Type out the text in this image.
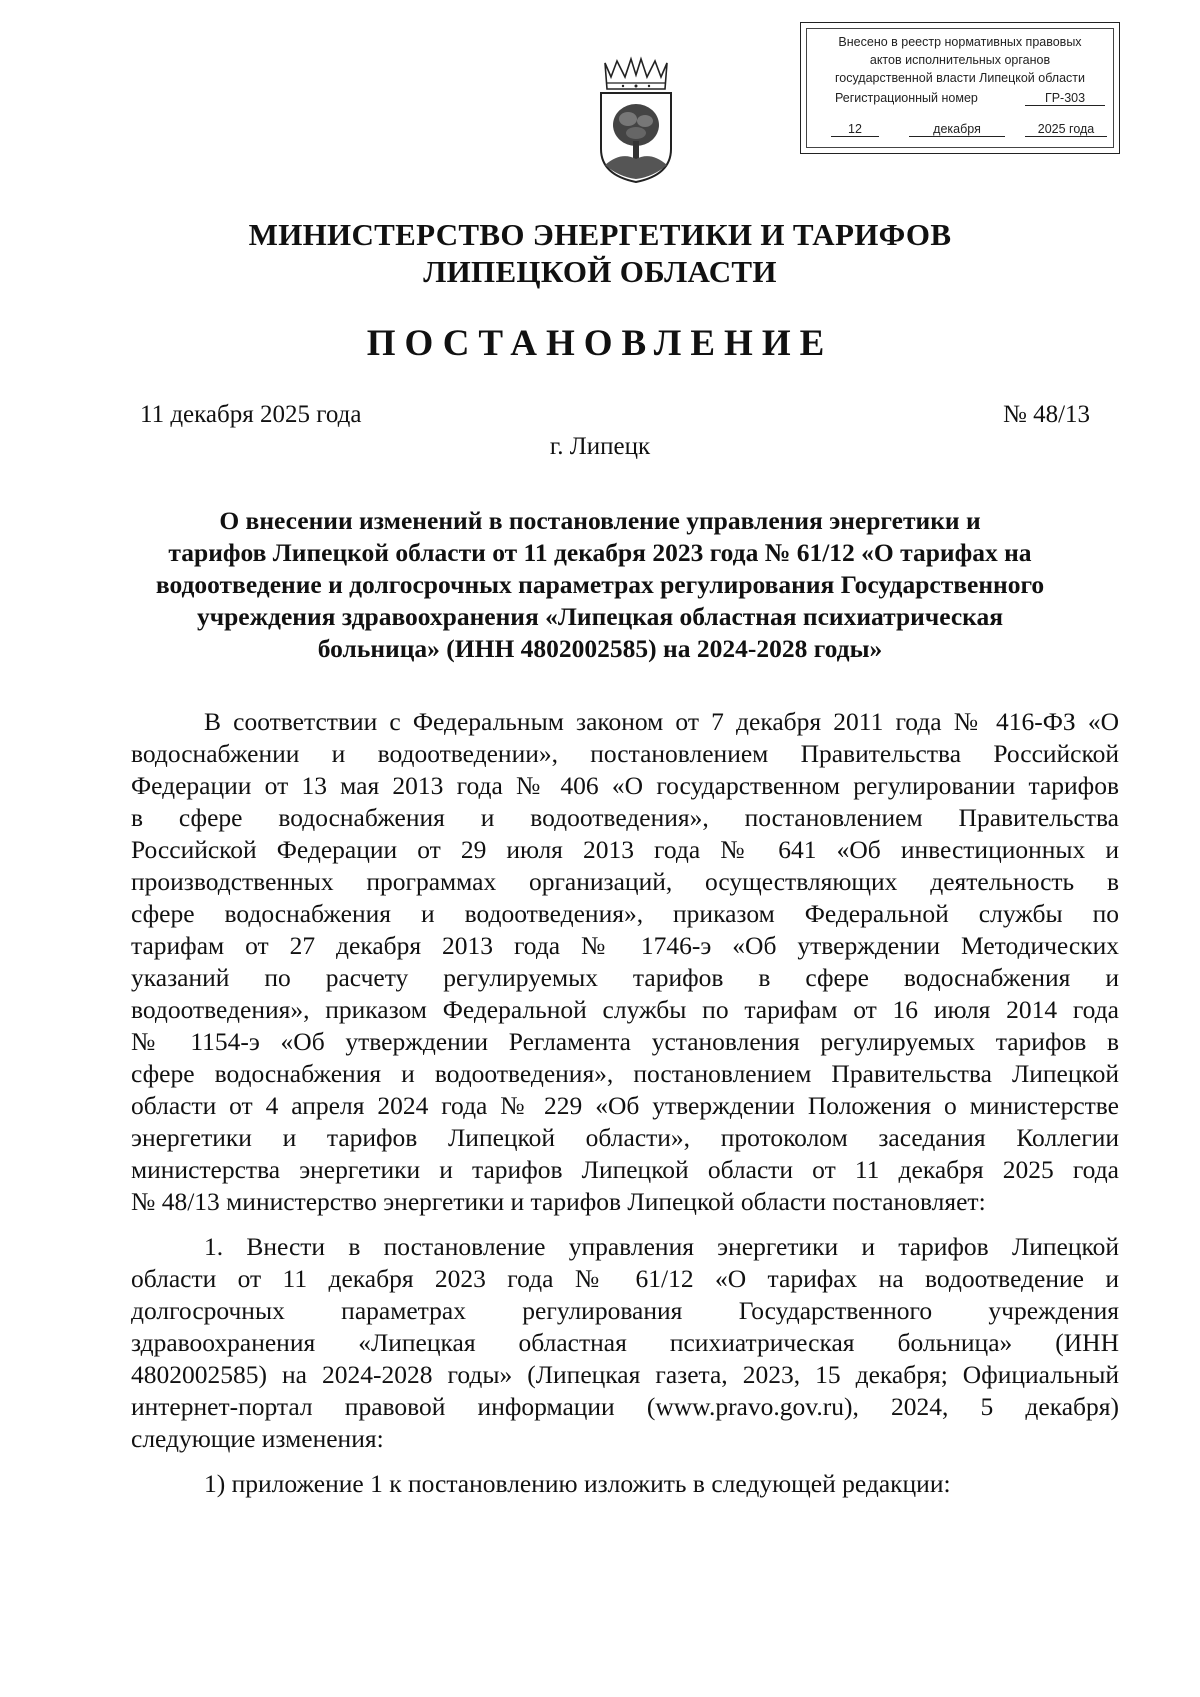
Внесено в реестр нормативных правовых
актов исполнительных органов
государственной власти Липецкой области
Регистрационный номер	ГР-303
12	декабря	2025 года
МИНИСТЕРСТВО ЭНЕРГЕТИКИ И ТАРИФОВ
ЛИПЕЦКОЙ ОБЛАСТИ
ПОСТАНОВЛЕНИЕ
11 декабря 2025 года	№ 48/13
г. Липецк
О внесении изменений в постановление управления энергетики и
тарифов Липецкой области от 11 декабря 2023 года № 61/12 «О тарифах на
водоотведение и долгосрочных параметрах регулирования Государственного
учреждения здравоохранения «Липецкая областная психиатрическая
больница» (ИНН 4802002585) на 2024-2028 годы»
В соответствии с Федеральным законом от 7 декабря 2011 года № 416-ФЗ «О
водоснабжении и водоотведении», постановлением Правительства Российской
Федерации от 13 мая 2013 года № 406 «О государственном регулировании тарифов
в сфере водоснабжения и водоотведения», постановлением Правительства
Российской Федерации от 29 июля 2013 года № 641 «Об инвестиционных и
производственных программах организаций, осуществляющих деятельность в
сфере водоснабжения и водоотведения», приказом Федеральной службы по
тарифам от 27 декабря 2013 года № 1746-э «Об утверждении Методических
указаний по расчету регулируемых тарифов в сфере водоснабжения и
водоотведения», приказом Федеральной службы по тарифам от 16 июля 2014 года
№ 1154-э «Об утверждении Регламента установления регулируемых тарифов в
сфере водоснабжения и водоотведения», постановлением Правительства Липецкой
области от 4 апреля 2024 года № 229 «Об утверждении Положения о министерстве
энергетики и тарифов Липецкой области», протоколом заседания Коллегии
министерства энергетики и тарифов Липецкой области от 11 декабря 2025 года
№ 48/13 министерство энергетики и тарифов Липецкой области постановляет:
1. Внести в постановление управления энергетики и тарифов Липецкой
области от 11 декабря 2023 года № 61/12 «О тарифах на водоотведение и
долгосрочных параметрах регулирования Государственного учреждения
здравоохранения «Липецкая областная психиатрическая больница» (ИНН
4802002585) на 2024-2028 годы» (Липецкая газета, 2023, 15 декабря; Официальный
интернет-портал правовой информации (www.pravo.gov.ru), 2024, 5 декабря)
следующие изменения:
1) приложение 1 к постановлению изложить в следующей редакции:
